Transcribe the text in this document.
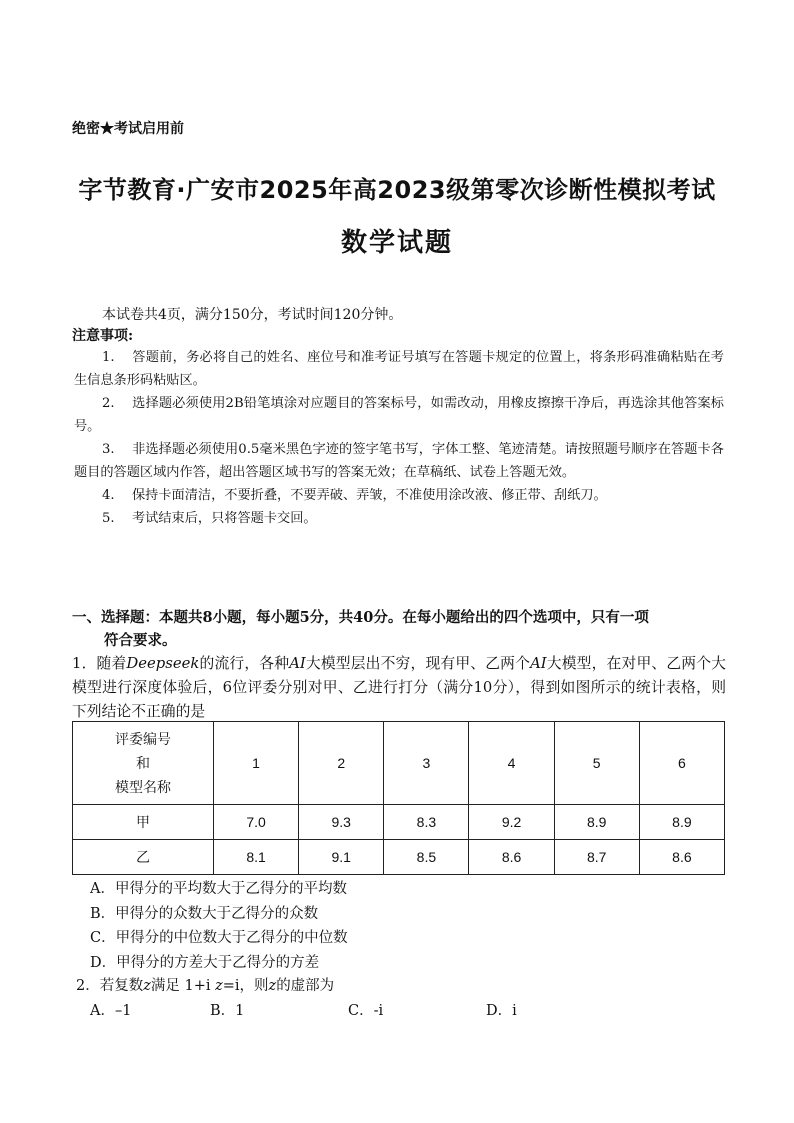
绝密★考试启用前
字节教育·广安市2025年高2023级第零次诊断性模拟考试
数学试题
本试卷共4页，满分150分，考试时间120分钟。
注意事项:

1. 答题前，务必将自己的姓名、座位号和准考证号填写在答题卡规定的位置上，将条形码准确粘贴在考生信息条形码粘贴区。

2. 选择题必须使用2B铅笔填涂对应题目的答案标号，如需改动，用橡皮擦擦干净后，再选涂其他答案标号。

3. 非选择题必须使用0.5毫米黑色字迹的签字笔书写，字体工整、笔迹清楚。请按照题号顺序在答题卡各题目的答题区域内作答，超出答题区域书写的答案无效；在草稿纸、试卷上答题无效。

4. 保持卡面清洁，不要折叠，不要弄破、弄皱，不准使用涂改液、修正带、刮纸刀。

5. 考试结束后，只将答题卡交回。

一、选择题：本题共8小题，每小题5分，共40分。在每小题给出的四个选项中，只有一项
符合要求。
1．随着Deepseek的流行，各种AI大模型层出不穷，现有甲、乙两个AI大模型，在对甲、乙两个大模型进行深度体验后，6位评委分别对甲、乙进行打分（满分10分），得到如图所示的统计表格，则下列结论不正确的是
评委编号
和
模型名称	1	2	3	4	5	6
甲	7.0	9.3	8.3	9.2	8.9	8.9
乙	8.1	9.1	8.5	8.6	8.7	8.6
A．甲得分的平均数大于乙得分的平均数
B．甲得分的众数大于乙得分的众数
C．甲得分的中位数大于乙得分的中位数
D．甲得分的方差大于乙得分的方差
2．若复数z满足 1+i z=i，则z的虚部为
A．–1	B．1	C．-i	D．i
